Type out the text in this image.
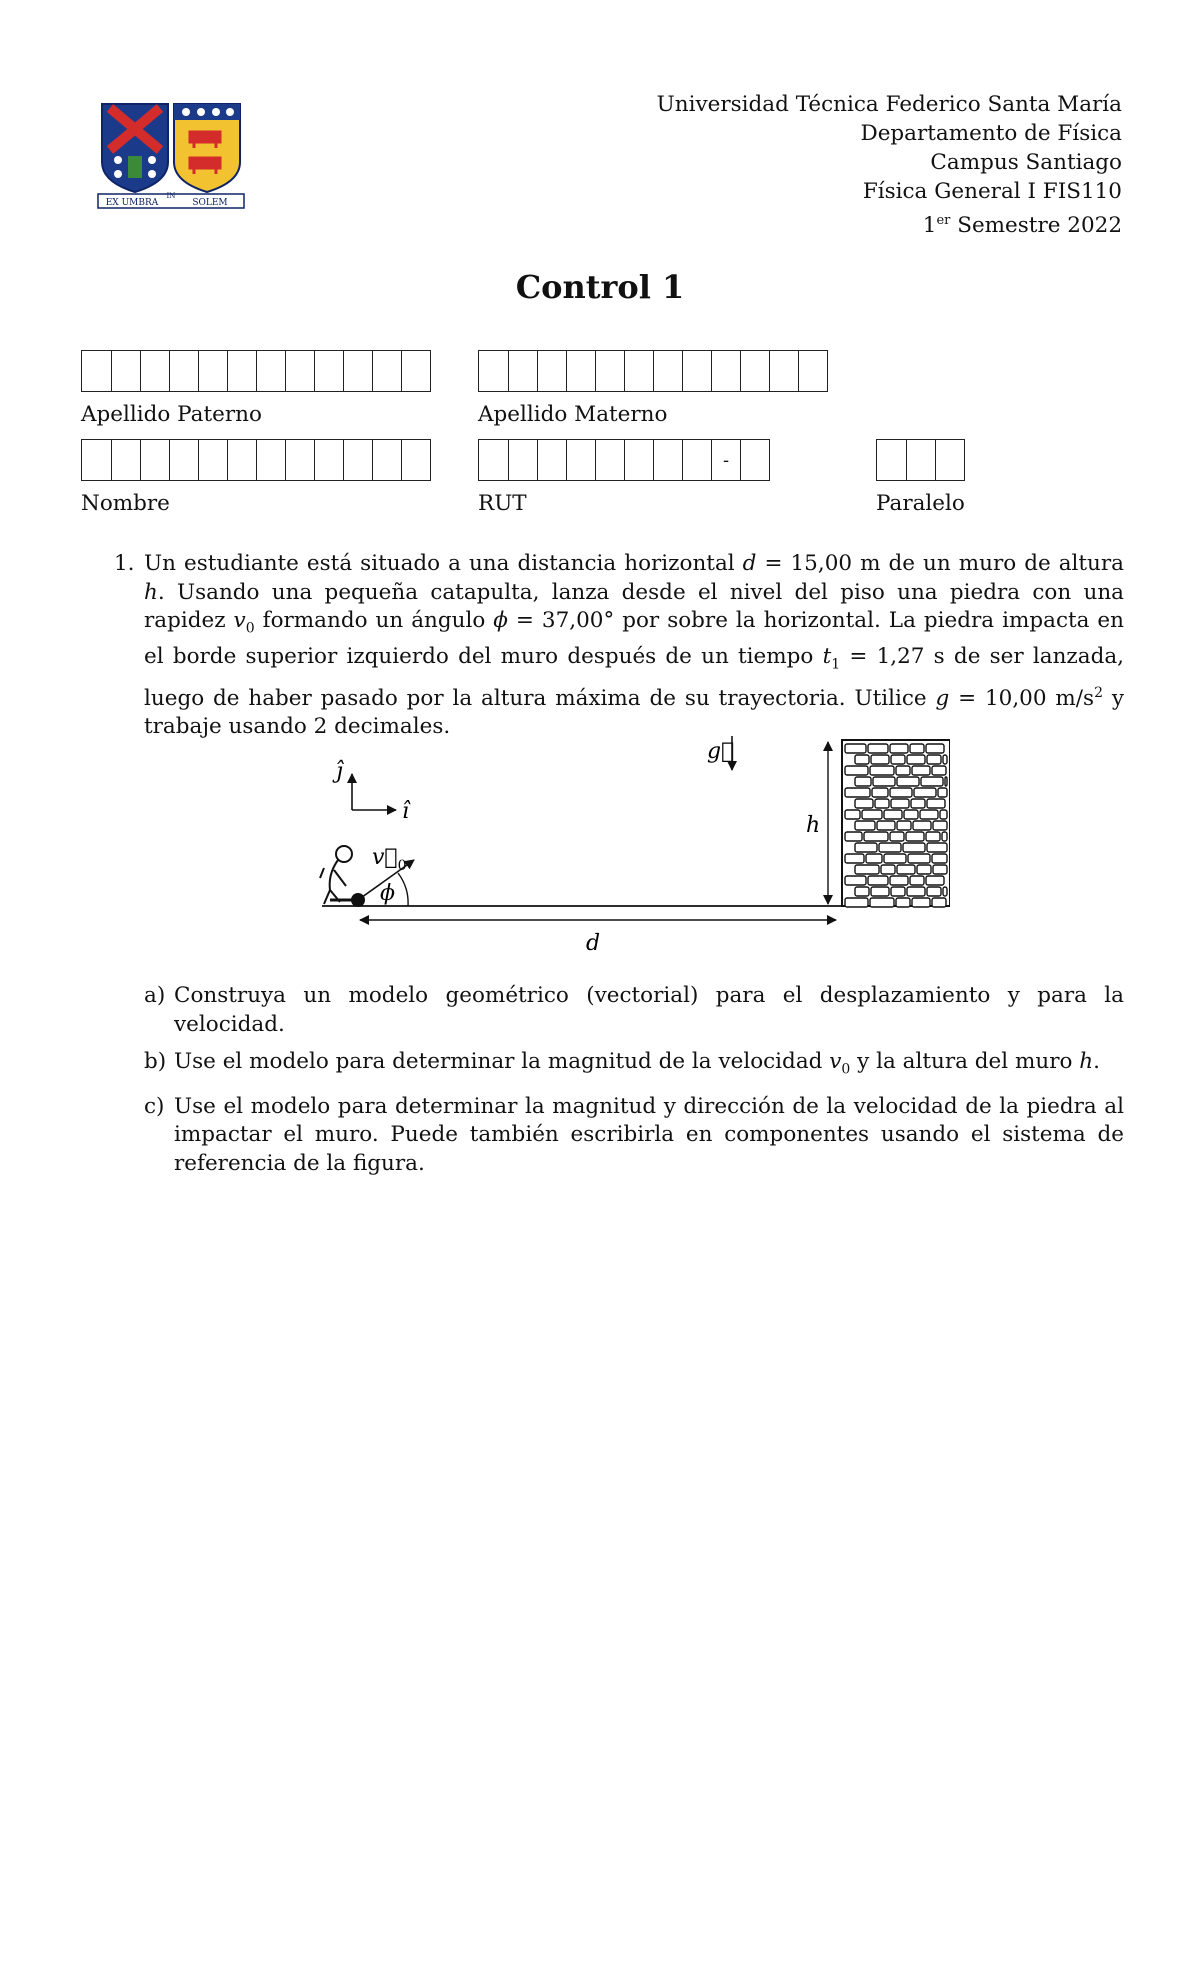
EX UMBRA
IN
SOLEM
Universidad Técnica Federico Santa María
Departamento de Física
Campus Santiago
Física General I FIS110
1er Semestre 2022
Control 1
Apellido Paterno	Apellido Materno
Nombre
-
RUT	Paralelo
1. Un estudiante está situado a una distancia horizontal d = 15,00 m de un muro de altura h. Usando una pequeña catapulta, lanza desde el nivel del piso una piedra con una rapidez $v_0$ formando un ángulo ϕ = 37,00° por sobre la horizontal. La piedra impacta en el borde superior izquierdo del muro después de un tiempo $t_1 = 1,27$ s de ser lanzada, luego de haber pasado por la altura máxima de su trayectoria. Utilice g = 10,00 $m/s^2$ y trabaje usando 2 decimales.
ĵ
î
g⃗
$v⃗_0$
ϕ
h
d
a) Construya un modelo geométrico (vectorial) para el desplazamiento y para la velocidad.
b) Use el modelo para determinar la magnitud de la velocidad $v_0$ y la altura del muro h.
c) Use el modelo para determinar la magnitud y dirección de la velocidad de la piedra al impactar el muro. Puede también escribirla en componentes usando el sistema de referencia de la figura.
